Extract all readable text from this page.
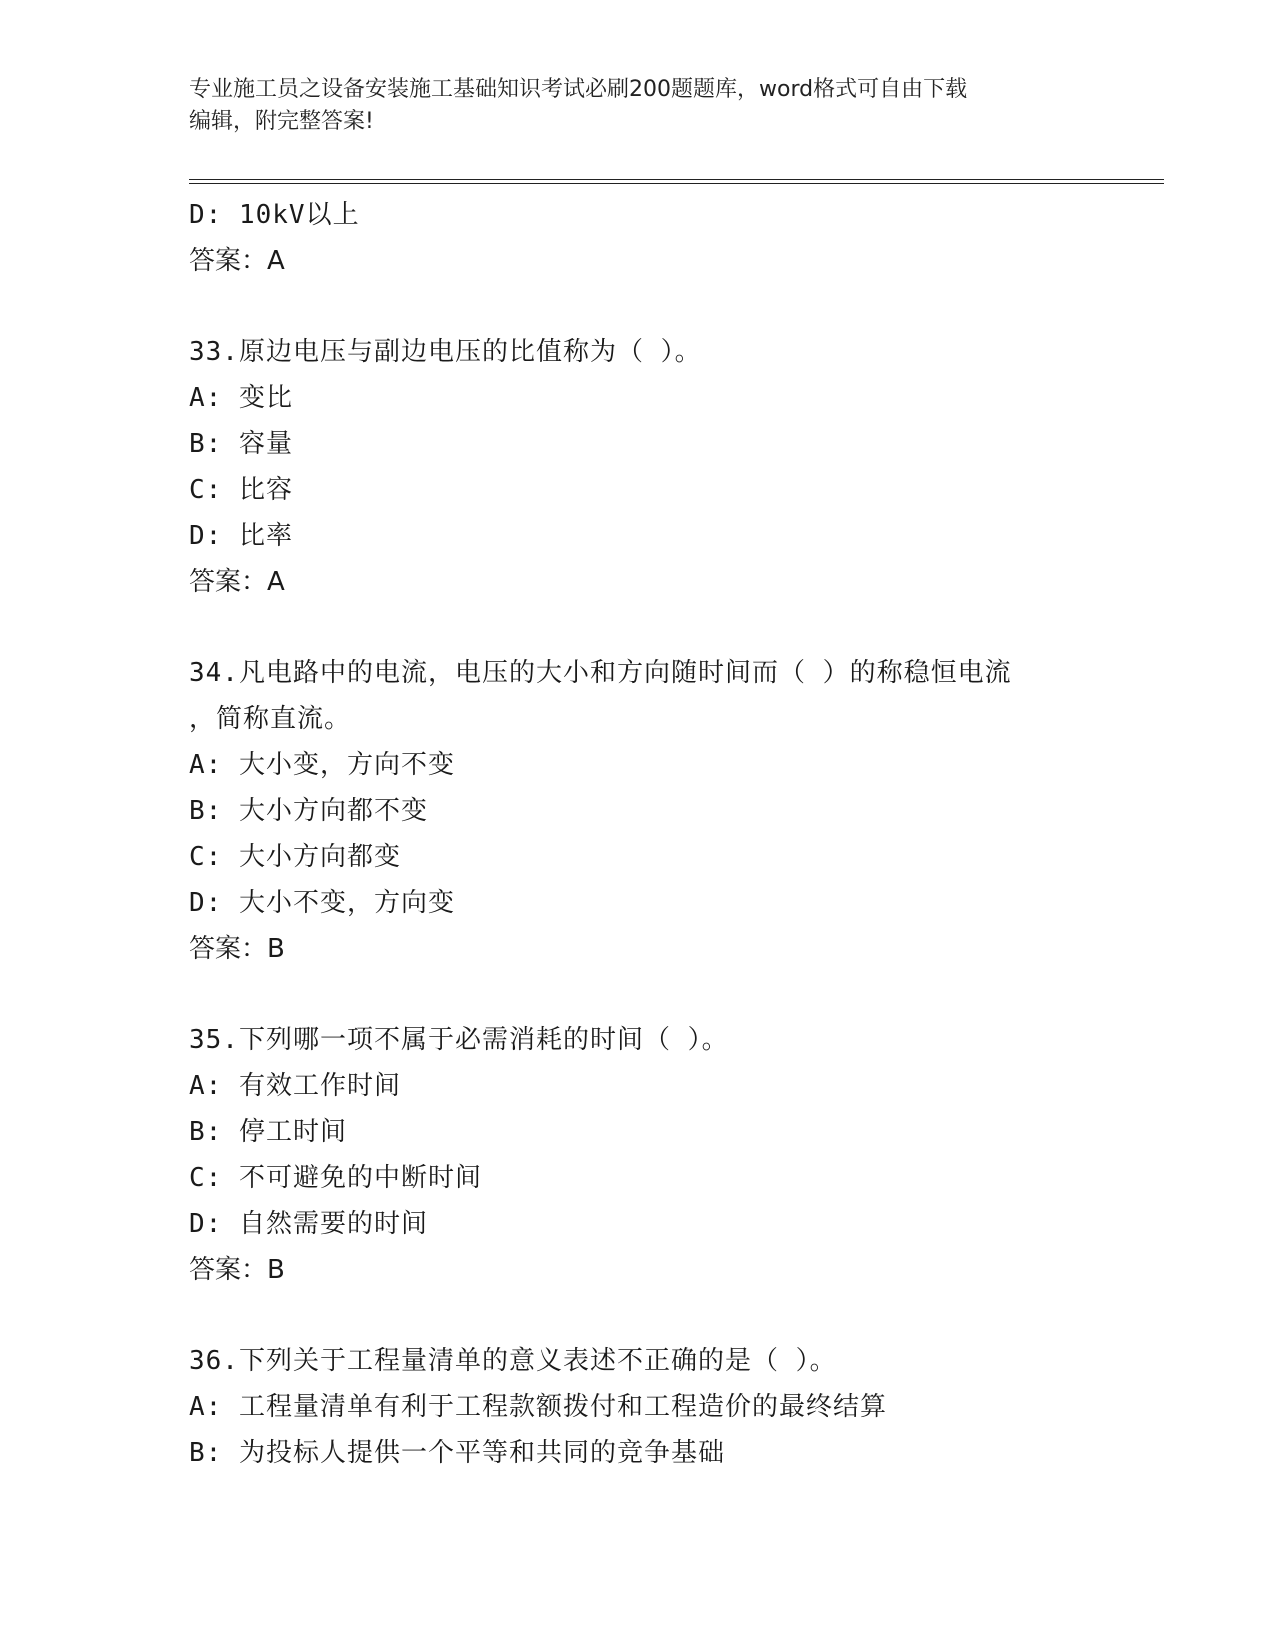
专业施工员之设备安装施工基础知识考试必刷200题题库，word格式可自由下载
编辑，附完整答案!
D: 10kV以上
答案：A
33.原边电压与副边电压的比值称为（ ）。
A: 变比
B: 容量
C: 比容
D: 比率
答案：A
34.凡电路中的电流，电压的大小和方向随时间而（ ）的称稳恒电流
，简称直流。
A: 大小变，方向不变
B: 大小方向都不变
C: 大小方向都变
D: 大小不变，方向变
答案：B
35.下列哪一项不属于必需消耗的时间（ ）。
A: 有效工作时间
B: 停工时间
C: 不可避免的中断时间
D: 自然需要的时间
答案：B
36.下列关于工程量清单的意义表述不正确的是（ ）。
A: 工程量清单有利于工程款额拨付和工程造价的最终结算
B: 为投标人提供一个平等和共同的竞争基础
